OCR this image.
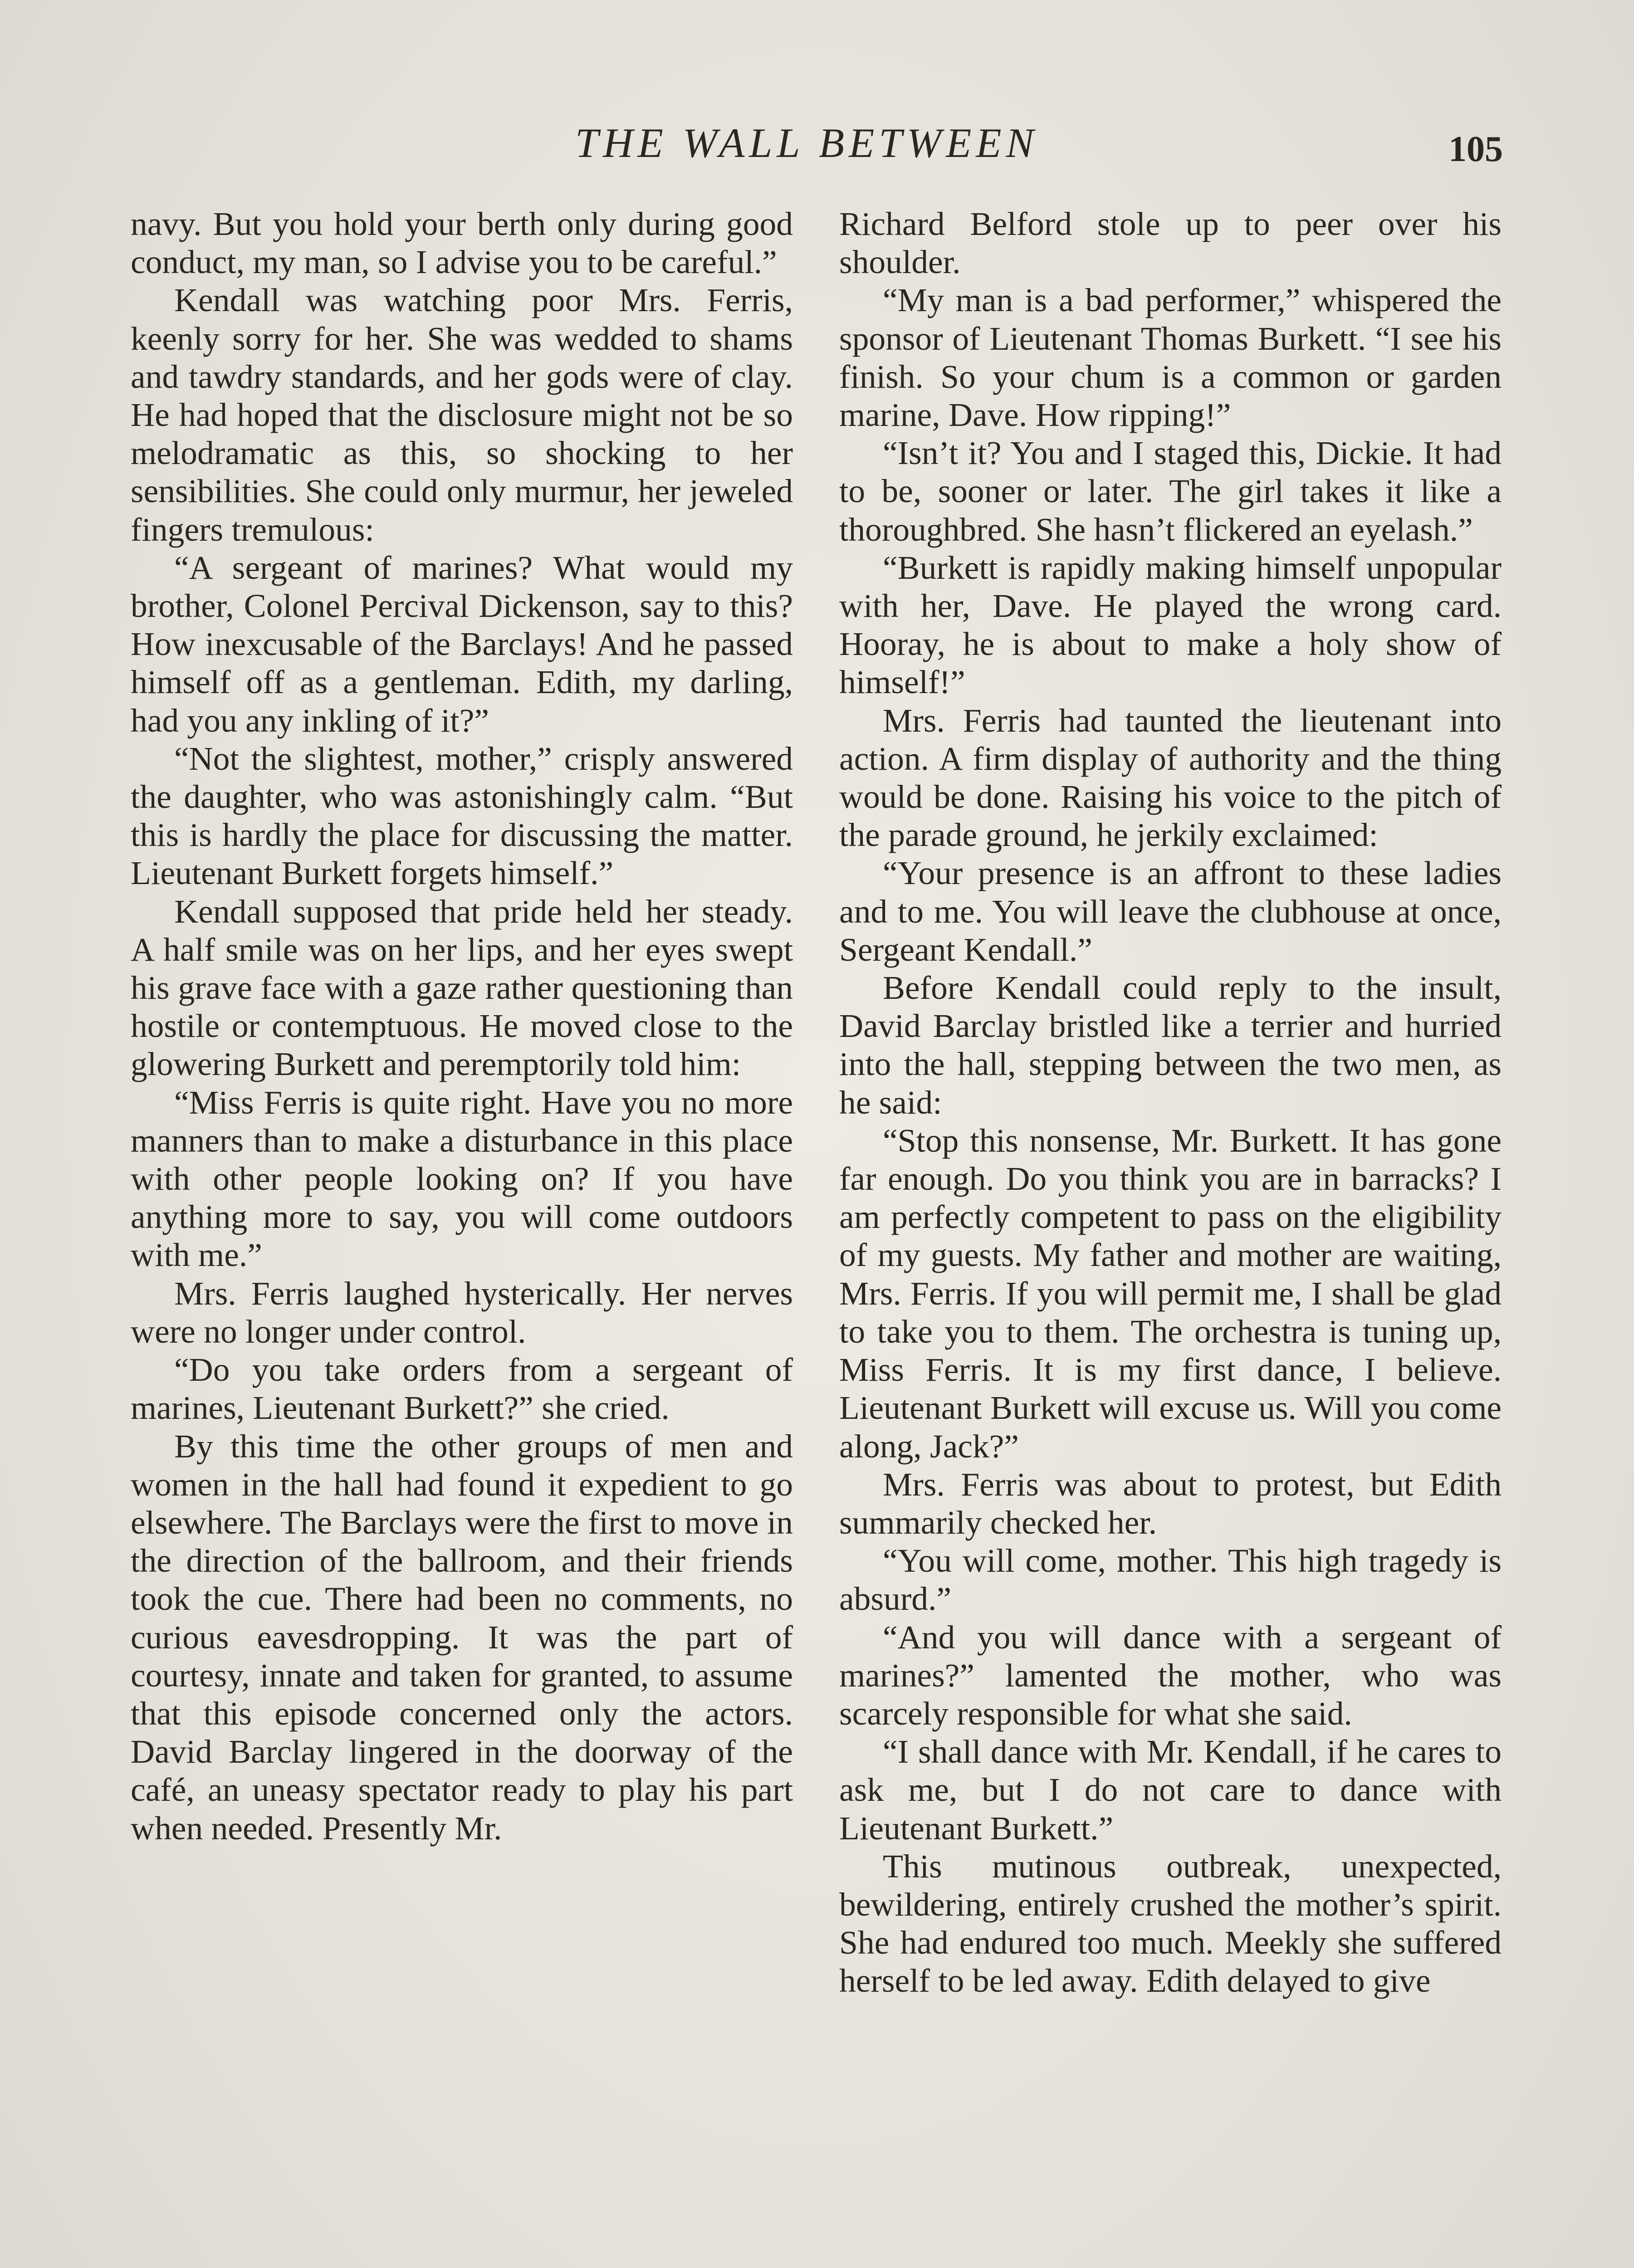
THE WALL BETWEEN	105

navy. But you hold your berth only during good conduct, my man, so I advise you to be careful.”

Kendall was watching poor Mrs. Ferris, keenly sorry for her. She was wedded to shams and tawdry standards, and her gods were of clay. He had hoped that the disclosure might not be so melodramatic as this, so shocking to her sensibilities. She could only murmur, her jeweled fingers tremulous:

“A sergeant of marines? What would my brother, Colonel Percival Dickenson, say to this? How inexcusable of the Barclays! And he passed himself off as a gentleman. Edith, my darling, had you any inkling of it?”

“Not the slightest, mother,” crisply answered the daughter, who was astonishingly calm. “But this is hardly the place for discussing the matter. Lieutenant Burkett forgets himself.”

Kendall supposed that pride held her steady. A half smile was on her lips, and her eyes swept his grave face with a gaze rather questioning than hostile or contemptuous. He moved close to the glowering Burkett and peremptorily told him:

“Miss Ferris is quite right. Have you no more manners than to make a disturbance in this place with other people looking on? If you have anything more to say, you will come outdoors with me.”

Mrs. Ferris laughed hysterically. Her nerves were no longer under control.

“Do you take orders from a sergeant of marines, Lieutenant Burkett?” she cried.

By this time the other groups of men and women in the hall had found it expedient to go elsewhere. The Barclays were the first to move in the direction of the ballroom, and their friends took the cue. There had been no comments, no curious eavesdropping. It was the part of courtesy, innate and taken for granted, to assume that this episode concerned only the actors. David Barclay lingered in the doorway of the café, an uneasy spectator ready to play his part when needed. Presently Mr.

Richard Belford stole up to peer over his shoulder.

“My man is a bad performer,” whispered the sponsor of Lieutenant Thomas Burkett. “I see his finish. So your chum is a common or garden marine, Dave. How ripping!”

“Isn’t it? You and I staged this, Dickie. It had to be, sooner or later. The girl takes it like a thoroughbred. She hasn’t flickered an eyelash.”

“Burkett is rapidly making himself unpopular with her, Dave. He played the wrong card. Hooray, he is about to make a holy show of himself!”

Mrs. Ferris had taunted the lieutenant into action. A firm display of authority and the thing would be done. Raising his voice to the pitch of the parade ground, he jerkily exclaimed:

“Your presence is an affront to these ladies and to me. You will leave the clubhouse at once, Sergeant Kendall.”

Before Kendall could reply to the insult, David Barclay bristled like a terrier and hurried into the hall, stepping between the two men, as he said:

“Stop this nonsense, Mr. Burkett. It has gone far enough. Do you think you are in barracks? I am perfectly competent to pass on the eligibility of my guests. My father and mother are waiting, Mrs. Ferris. If you will permit me, I shall be glad to take you to them. The orchestra is tuning up, Miss Ferris. It is my first dance, I believe. Lieutenant Burkett will excuse us. Will you come along, Jack?”

Mrs. Ferris was about to protest, but Edith summarily checked her.

“You will come, mother. This high tragedy is absurd.”

“And you will dance with a sergeant of marines?” lamented the mother, who was scarcely responsible for what she said.

“I shall dance with Mr. Kendall, if he cares to ask me, but I do not care to dance with Lieutenant Burkett.”

This mutinous outbreak, unexpected, bewildering, entirely crushed the mother’s spirit. She had endured too much. Meekly she suffered herself to be led away. Edith delayed to give
